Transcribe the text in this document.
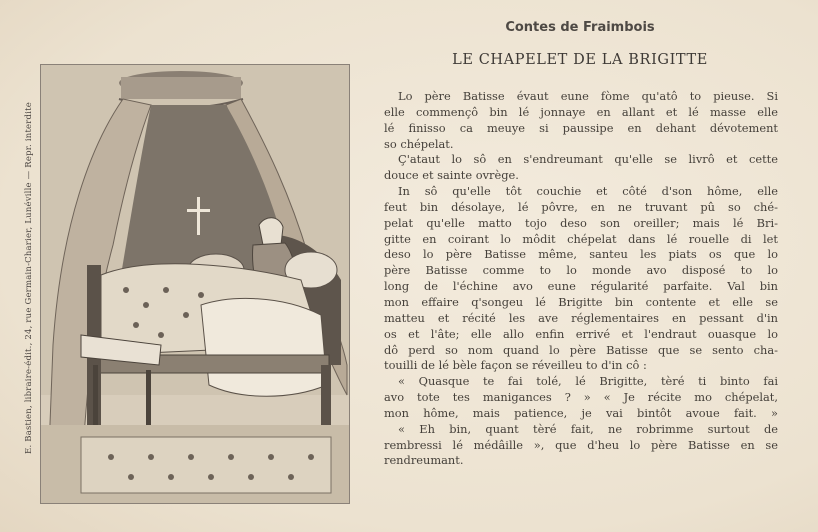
E. Bastien, libraire-édit., 24, rue Germain-Charier, Lunéville — Repr. interdite
Contes de Fraimbois
LE CHAPELET DE LA BRIGITTE
Lo père Batisse évaut eune fòme qu'atô to pieuse. Si
elle commençô bin lé jonnaye en allant et lé masse elle
lé finisso ca meuye si paussipe en dehant dévotement
so chépelat.
Ç'ataut lo sô en s'endreumant qu'elle se livrô et cette
douce et sainte ovrège.
In sô qu'elle tôt couchie et côté d'son hôme, elle
feut bin désolaye, lé pôvre, en ne truvant pû so ché-
pelat qu'elle matto tojo deso son oreiller; mais lé Bri-
gitte en coirant lo môdit chépelat dans lé rouelle di let
deso lo père Batisse même, santeu les piats os que lo
père Batisse comme to lo monde avo disposé to lo
long de l'échine avo eune régularité parfaite. Val bin
mon effaire q'songeu lé Brigitte bin contente et elle se
matteu et récité les ave réglementaires en pessant d'in
os et l'âte; elle allo enfin errivé et l'endraut ouasque lo
dô perd so nom quand lo père Batisse que se sento cha-
touilli de lé bèle façon se réveilleu to d'in cô :
« Quasque te fai tolé, lé Brigitte, tèré ti binto fai
avo tote tes manigances ? » « Je récite mo chépelat,
mon hôme, mais patience, je vai bintôt avoue fait. »
« Eh bin, quant tèré fait, ne robrimme surtout de
rembressi lé médâille », que d'heu lo père Batisse en se
rendreumant.
